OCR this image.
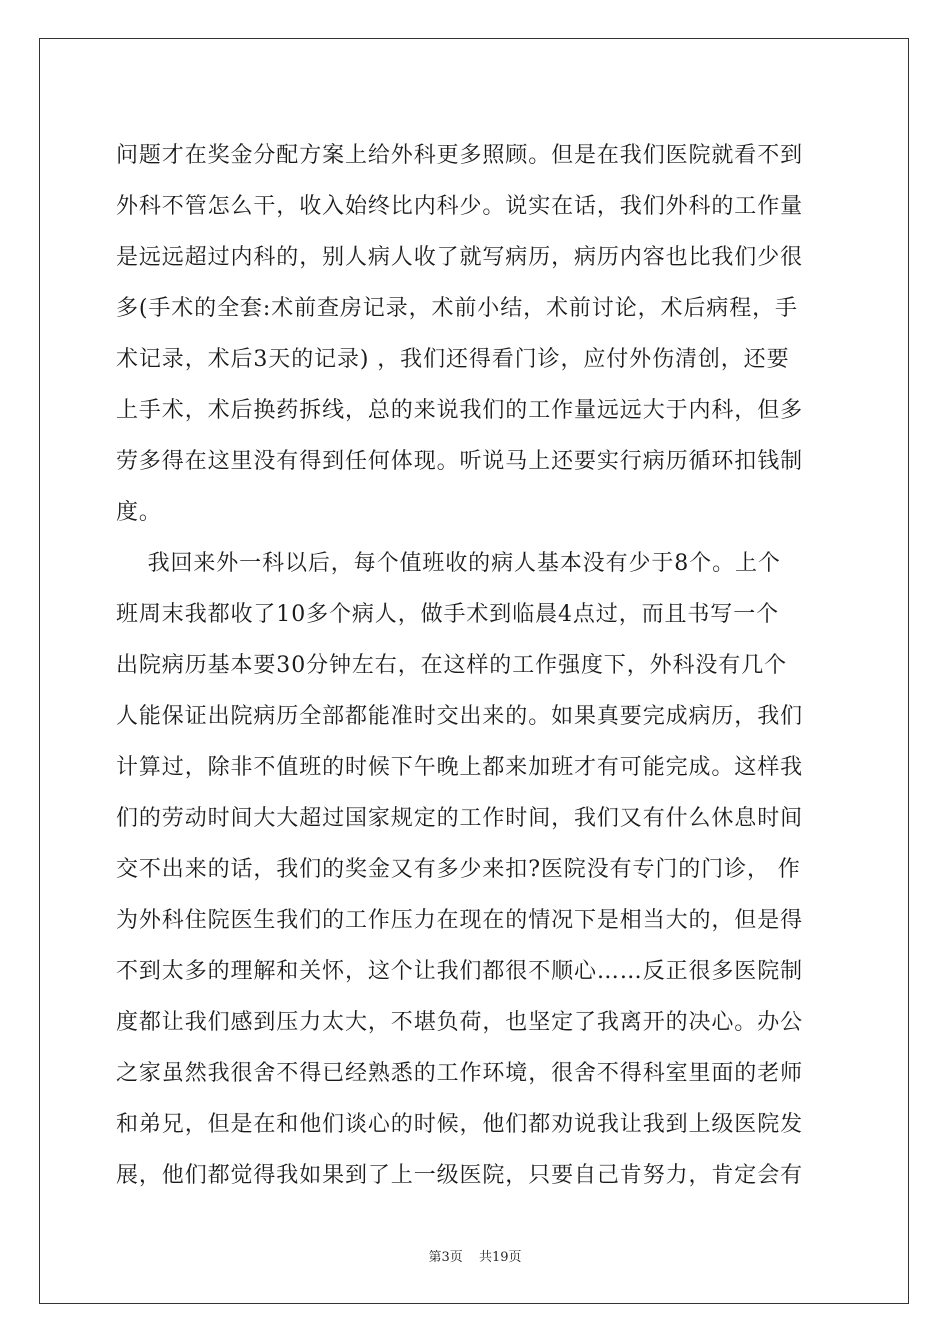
问题才在奖金分配方案上给外科更多照顾。但是在我们医院就看不到
外科不管怎么干，收入始终比内科少。说实在话，我们外科的工作量
是远远超过内科的，别人病人收了就写病历，病历内容也比我们少很
多(手术的全套:术前查房记录，术前小结，术前讨论，术后病程，手
术记录，术后3天的记录) ，我们还得看门诊，应付外伤清创，还要
上手术，术后换药拆线，总的来说我们的工作量远远大于内科，但多
劳多得在这里没有得到任何体现。听说马上还要实行病历循环扣钱制
度。
我回来外一科以后，每个值班收的病人基本没有少于8个。上个
班周末我都收了10多个病人，做手术到临晨4点过，而且书写一个
出院病历基本要30分钟左右，在这样的工作强度下，外科没有几个
人能保证出院病历全部都能准时交出来的。如果真要完成病历，我们
计算过，除非不值班的时候下午晚上都来加班才有可能完成。这样我
们的劳动时间大大超过国家规定的工作时间，我们又有什么休息时间
交不出来的话，我们的奖金又有多少来扣?医院没有专门的门诊， 作
为外科住院医生我们的工作压力在现在的情况下是相当大的，但是得
不到太多的理解和关怀，这个让我们都很不顺心……反正很多医院制
度都让我们感到压力太大，不堪负荷，也坚定了我离开的决心。办公
之家虽然我很舍不得已经熟悉的工作环境，很舍不得科室里面的老师
和弟兄，但是在和他们谈心的时候，他们都劝说我让我到上级医院发
展，他们都觉得我如果到了上一级医院，只要自己肯努力，肯定会有
第3页 共19页
